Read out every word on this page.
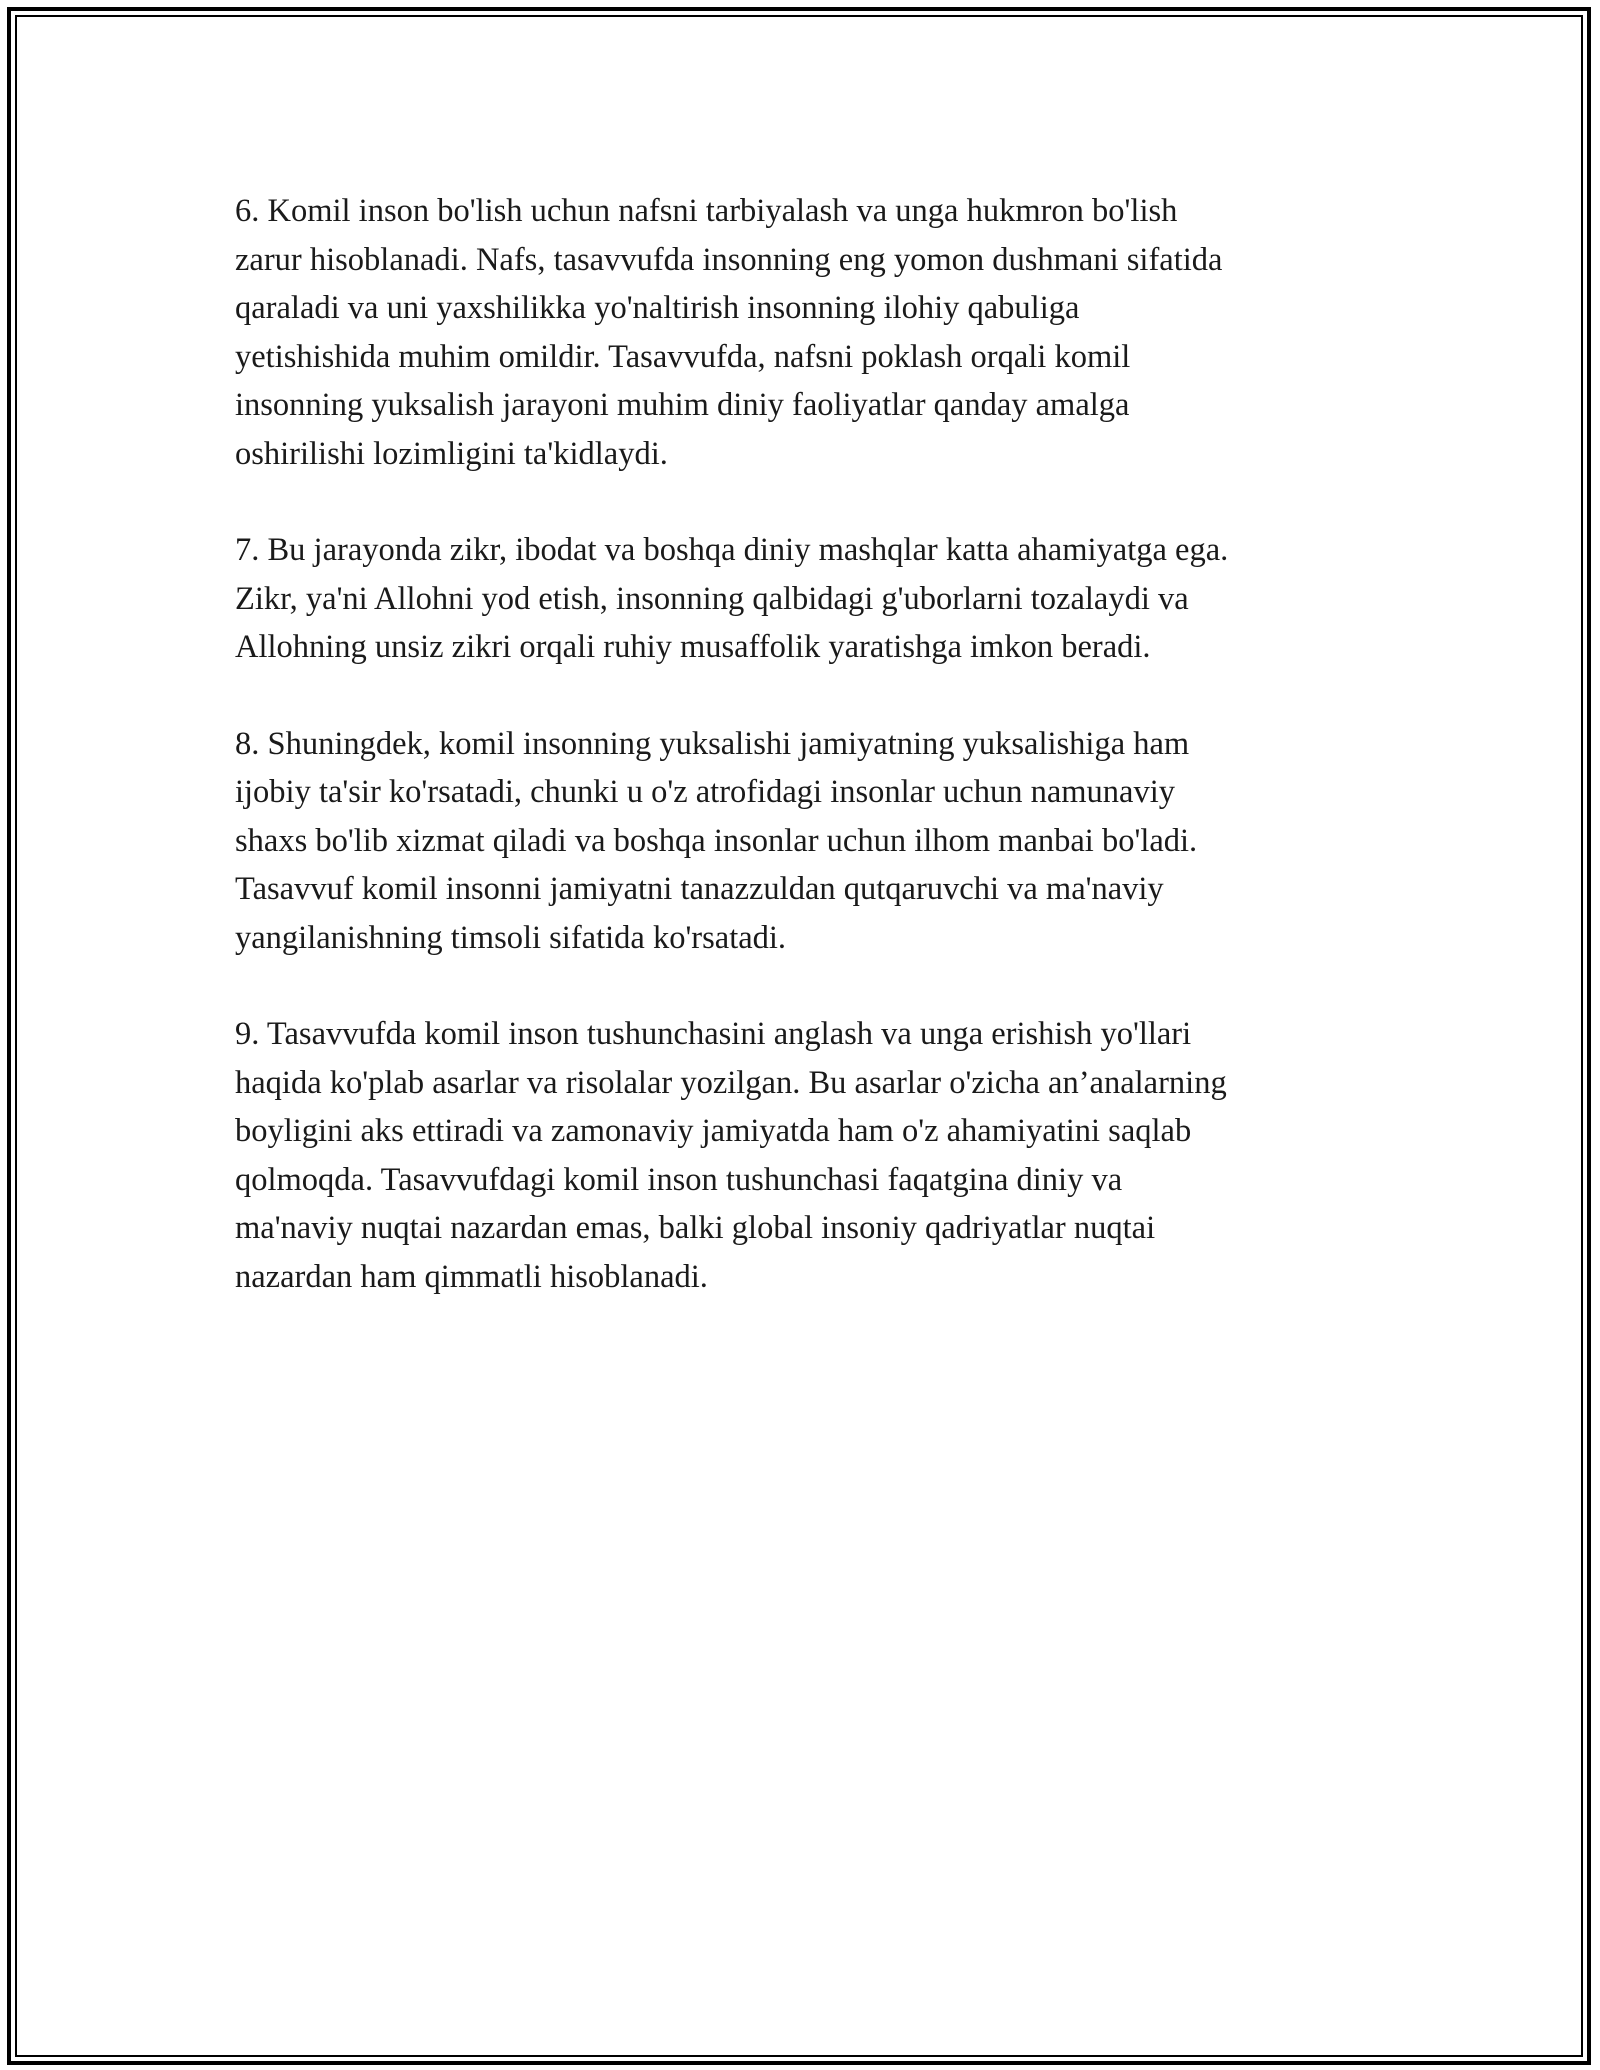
6. Komil inson bo'lish uchun nafsni tarbiyalash va unga hukmron bo'lish
zarur hisoblanadi. Nafs, tasavvufda insonning eng yomon dushmani sifatida
qaraladi va uni yaxshilikka yo'naltirish insonning ilohiy qabuliga
yetishishida muhim omildir. Tasavvufda, nafsni poklash orqali komil
insonning yuksalish jarayoni muhim diniy faoliyatlar qanday amalga
oshirilishi lozimligini ta'kidlaydi.

7. Bu jarayonda zikr, ibodat va boshqa diniy mashqlar katta ahamiyatga ega.
Zikr, ya'ni Allohni yod etish, insonning qalbidagi g'uborlarni tozalaydi va
Allohning unsiz zikri orqali ruhiy musaffolik yaratishga imkon beradi.

8. Shuningdek, komil insonning yuksalishi jamiyatning yuksalishiga ham
ijobiy ta'sir ko'rsatadi, chunki u o'z atrofidagi insonlar uchun namunaviy
shaxs bo'lib xizmat qiladi va boshqa insonlar uchun ilhom manbai bo'ladi.
Tasavvuf komil insonni jamiyatni tanazzuldan qutqaruvchi va ma'naviy
yangilanishning timsoli sifatida ko'rsatadi.

9. Tasavvufda komil inson tushunchasini anglash va unga erishish yo'llari
haqida ko'plab asarlar va risolalar yozilgan. Bu asarlar o'zicha an’analarning
boyligini aks ettiradi va zamonaviy jamiyatda ham o'z ahamiyatini saqlab
qolmoqda. Tasavvufdagi komil inson tushunchasi faqatgina diniy va
ma'naviy nuqtai nazardan emas, balki global insoniy qadriyatlar nuqtai
nazardan ham qimmatli hisoblanadi.
